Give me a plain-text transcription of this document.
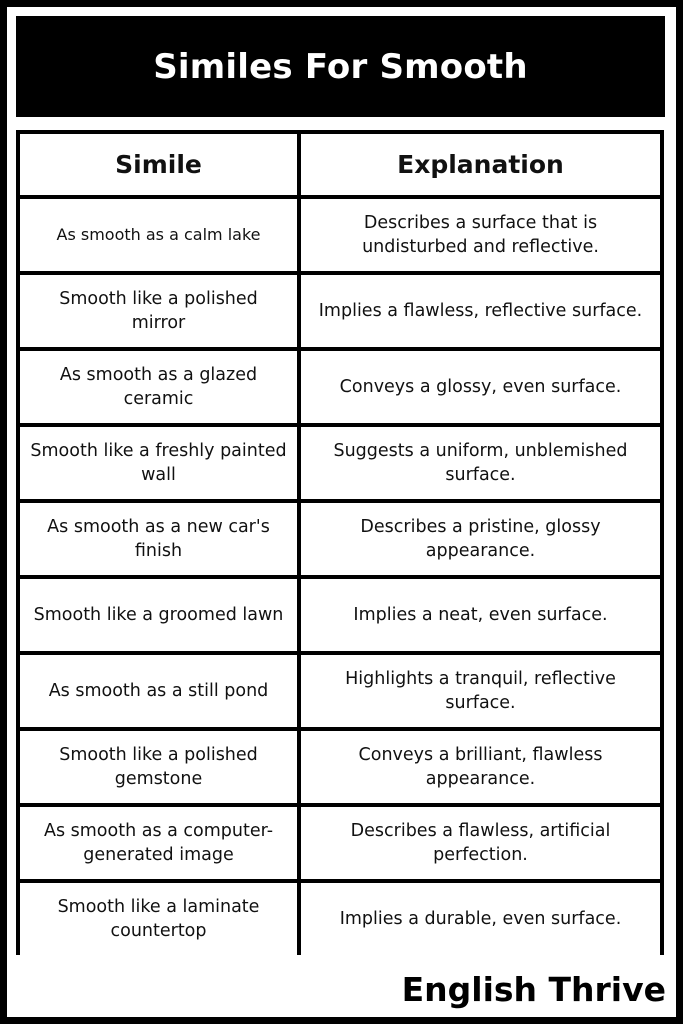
Similes For Smooth
Simile	Explanation
As smooth as a calm lake
Describes a surface that is undisturbed and reflective.
Smooth like a polished mirror
Implies a flawless, reflective surface.
As smooth as a glazed ceramic
Conveys a glossy, even surface.
Smooth like a freshly painted wall
Suggests a uniform, unblemished surface.
As smooth as a new car's finish
Describes a pristine, glossy appearance.
Smooth like a groomed lawn	Implies a neat, even surface.
As smooth as a still pond
Highlights a tranquil, reflective surface.
Smooth like a polished gemstone
Conveys a brilliant, flawless appearance.
As smooth as a computer-generated image
Describes a flawless, artificial perfection.
Smooth like a laminate countertop
Implies a durable, even surface.
English Thrive
